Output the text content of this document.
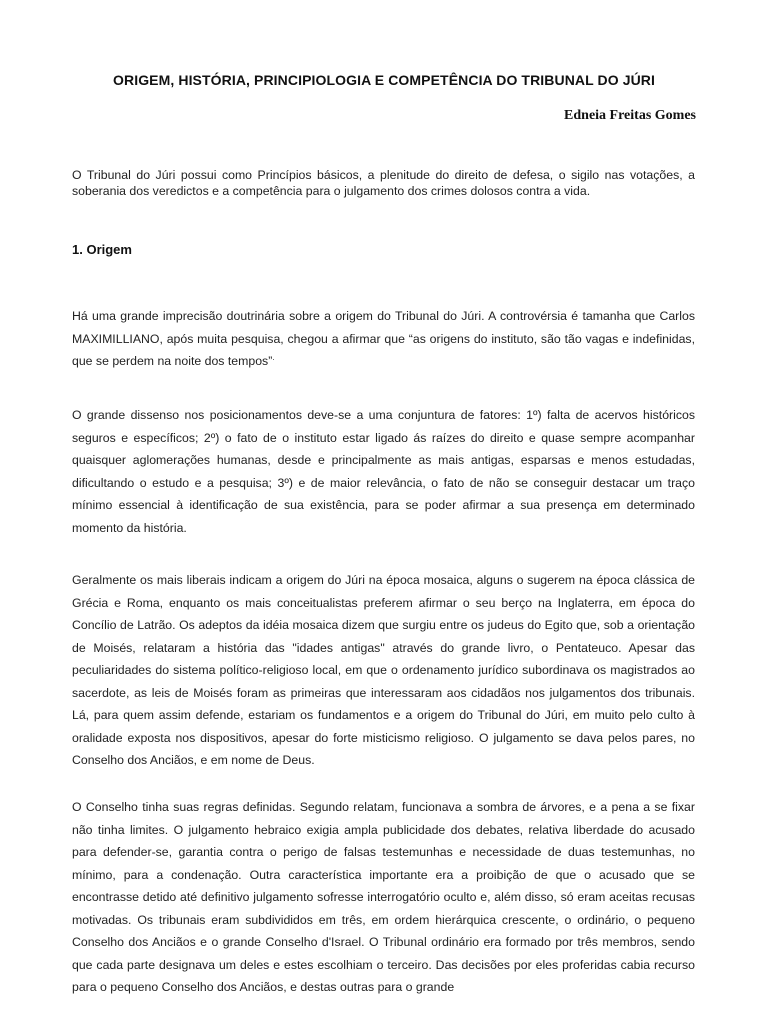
ORIGEM, HISTÓRIA, PRINCIPIOLOGIA E COMPETÊNCIA DO TRIBUNAL DO JÚRI
Edneia Freitas Gomes
O Tribunal do Júri possui como Princípios básicos, a plenitude do direito de defesa, o sigilo nas votações, a soberania dos veredictos e a competência para o julgamento dos crimes dolosos contra a vida.
1. Origem
Há uma grande imprecisão doutrinária sobre a origem do Tribunal do Júri. A controvérsia é tamanha que Carlos MAXIMILLIANO, após muita pesquisa, chegou a afirmar que “as origens do instituto, são tão vagas e indefinidas, que se perdem na noite dos tempos”.
O grande dissenso nos posicionamentos deve-se a uma conjuntura de fatores: 1º) falta de acervos históricos seguros e específicos; 2º) o fato de o instituto estar ligado ás raízes do direito e quase sempre acompanhar quaisquer aglomerações humanas, desde e principalmente as mais antigas, esparsas e menos estudadas, dificultando o estudo e a pesquisa; 3º) e de maior relevância, o fato de não se conseguir destacar um traço mínimo essencial à identificação de sua existência, para se poder afirmar a sua presença em determinado momento da história.
Geralmente os mais liberais indicam a origem do Júri na época mosaica, alguns o sugerem na época clássica de Grécia e Roma, enquanto os mais conceitualistas preferem afirmar o seu berço na Inglaterra, em época do Concílio de Latrão. Os adeptos da idéia mosaica dizem que surgiu entre os judeus do Egito que, sob a orientação de Moisés, relataram a história das "idades antigas" através do grande livro, o Pentateuco. Apesar das peculiaridades do sistema político-religioso local, em que o ordenamento jurídico subordinava os magistrados ao sacerdote, as leis de Moisés foram as primeiras que interessaram aos cidadãos nos julgamentos dos tribunais. Lá, para quem assim defende, estariam os fundamentos e a origem do Tribunal do Júri, em muito pelo culto à oralidade exposta nos dispositivos, apesar do forte misticismo religioso. O julgamento se dava pelos pares, no Conselho dos Anciãos, e em nome de Deus.
O Conselho tinha suas regras definidas. Segundo relatam, funcionava a sombra de árvores, e a pena a se fixar não tinha limites. O julgamento hebraico exigia ampla publicidade dos debates, relativa liberdade do acusado para defender-se, garantia contra o perigo de falsas testemunhas e necessidade de duas testemunhas, no mínimo, para a condenação. Outra característica importante era a proibição de que o acusado que se encontrasse detido até definitivo julgamento sofresse interrogatório oculto e, além disso, só eram aceitas recusas motivadas. Os tribunais eram subdivididos em três, em ordem hierárquica crescente, o ordinário, o pequeno Conselho dos Anciãos e o grande Conselho d'Israel. O Tribunal ordinário era formado por três membros, sendo que cada parte designava um deles e estes escolhiam o terceiro. Das decisões por eles proferidas cabia recurso para o pequeno Conselho dos Anciãos, e destas outras para o grande
